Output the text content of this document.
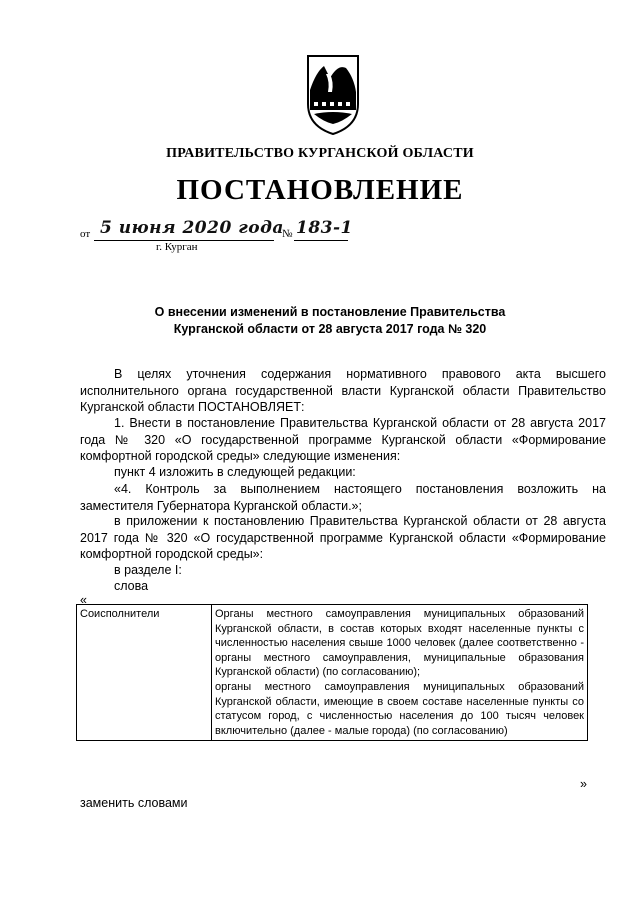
ПРАВИТЕЛЬСТВО КУРГАНСКОЙ ОБЛАСТИ
ПОСТАНОВЛЕНИЕ
от 5 июня 2020 года
№ 183-1
г. Курган
О внесении изменений в постановление Правительства
Курганской области от 28 августа 2017 года № 320
В целях уточнения содержания нормативного правового акта высшего исполнительного органа государственной власти Курганской области Правительство Курганской области ПОСТАНОВЛЯЕТ:
1. Внести в постановление Правительства Курганской области от 28 августа 2017 года № 320 «О государственной программе Курганской области «Формирование комфортной городской среды» следующие изменения:
пункт 4 изложить в следующей редакции:
«4. Контроль за выполнением настоящего постановления возложить на заместителя Губернатора Курганской области.»;
в приложении к постановлению Правительства Курганской области от 28 августа 2017 года № 320 «О государственной программе Курганской области «Формирование комфортной городской среды»:
в разделе I:
слова
«
Соисполнители	Органы местного самоуправления муниципальных образований Курганской области, в состав которых входят населенные пункты с численностью населения свыше 1000 человек (далее соответственно - органы местного самоуправления, муниципальные образования Курганской области) (по согласованию);
органы местного самоуправления муниципальных образований Курганской области, имеющие в своем составе населенные пункты со статусом город, с численностью населения до 100 тысяч человек включительно (далее - малые города) (по согласованию)
»
заменить словами
